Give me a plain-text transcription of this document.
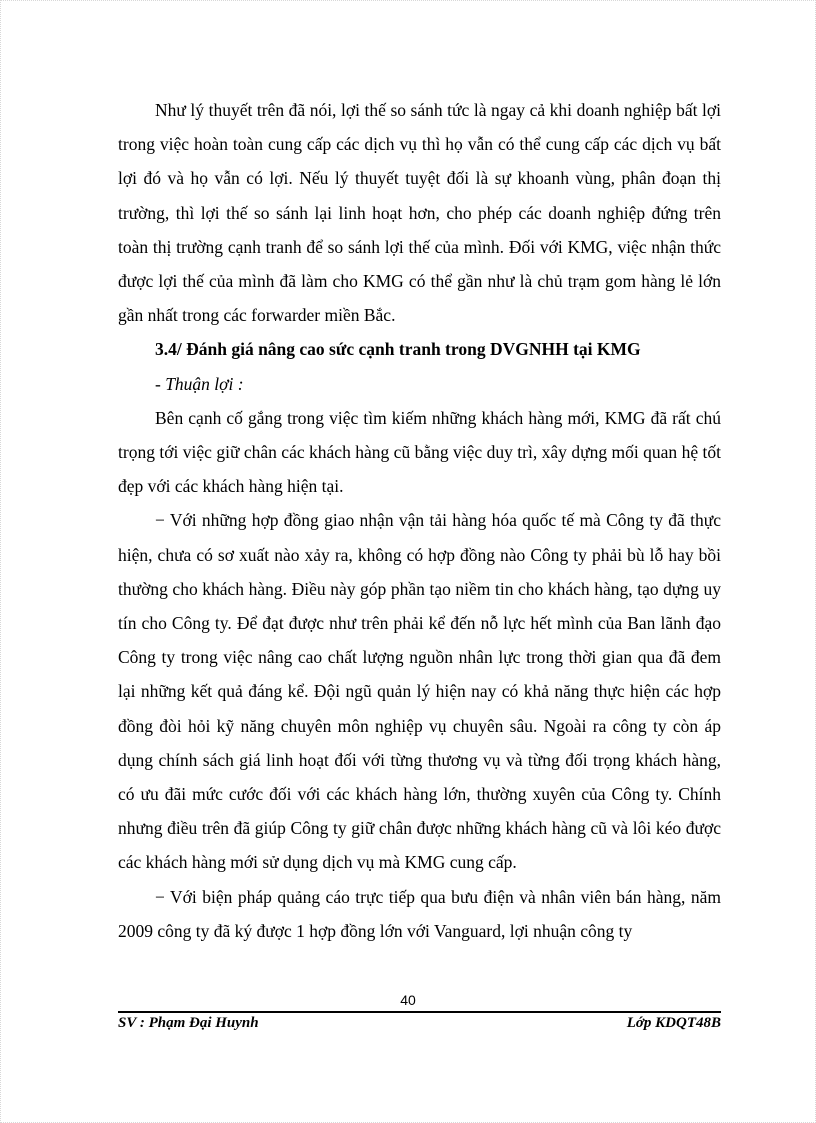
Như lý thuyết trên đã nói, lợi thế so sánh tức là ngay cả khi doanh nghiệp bất lợi trong việc hoàn toàn cung cấp các dịch vụ thì họ vẫn có thể cung cấp các dịch vụ bất lợi đó và họ vẫn có lợi. Nếu lý thuyết tuyệt đối là sự khoanh vùng, phân đoạn thị trường, thì lợi thế so sánh lại linh hoạt hơn, cho phép các doanh nghiệp đứng trên toàn thị trường cạnh tranh để so sánh lợi thế của mình. Đối với KMG, việc nhận thức được lợi thế của mình đã làm cho KMG có thể gần như là chủ trạm gom hàng lẻ lớn gần nhất trong các forwarder miền Bắc.

3.4/ Đánh giá nâng cao sức cạnh tranh trong DVGNHH tại KMG

- Thuận lợi :

Bên cạnh cố gắng trong việc tìm kiếm những khách hàng mới, KMG đã rất chú trọng tới việc giữ chân các khách hàng cũ bằng việc duy trì, xây dựng mối quan hệ tốt đẹp với các khách hàng hiện tại.

− Với những hợp đồng giao nhận vận tải hàng hóa quốc tế mà Công ty đã thực hiện, chưa có sơ xuất nào xảy ra, không có hợp đồng nào Công ty phải bù lỗ hay bồi thường cho khách hàng. Điều này góp phần tạo niềm tin cho khách hàng, tạo dựng uy tín cho Công ty. Để đạt được như trên phải kể đến nỗ lực hết mình của Ban lãnh đạo Công ty trong việc nâng cao chất lượng nguồn nhân lực trong thời gian qua đã đem lại những kết quả đáng kể. Đội ngũ quản lý hiện nay có khả năng thực hiện các hợp đồng đòi hỏi kỹ năng chuyên môn nghiệp vụ chuyên sâu. Ngoài ra công ty còn áp dụng chính sách giá linh hoạt đối với từng thương vụ và từng đối trọng khách hàng, có ưu đãi mức cước đối với các khách hàng lớn, thường xuyên của Công ty. Chính nhưng điều trên đã giúp Công ty giữ chân được những khách hàng cũ và lôi kéo được các khách hàng mới sử dụng dịch vụ mà KMG cung cấp.

− Với biện pháp quảng cáo trực tiếp qua bưu điện và nhân viên bán hàng, năm 2009 công ty đã ký được 1 hợp đồng lớn với Vanguard, lợi nhuận công ty

40
SV : Phạm Đại Huynh	Lớp KDQT48B
